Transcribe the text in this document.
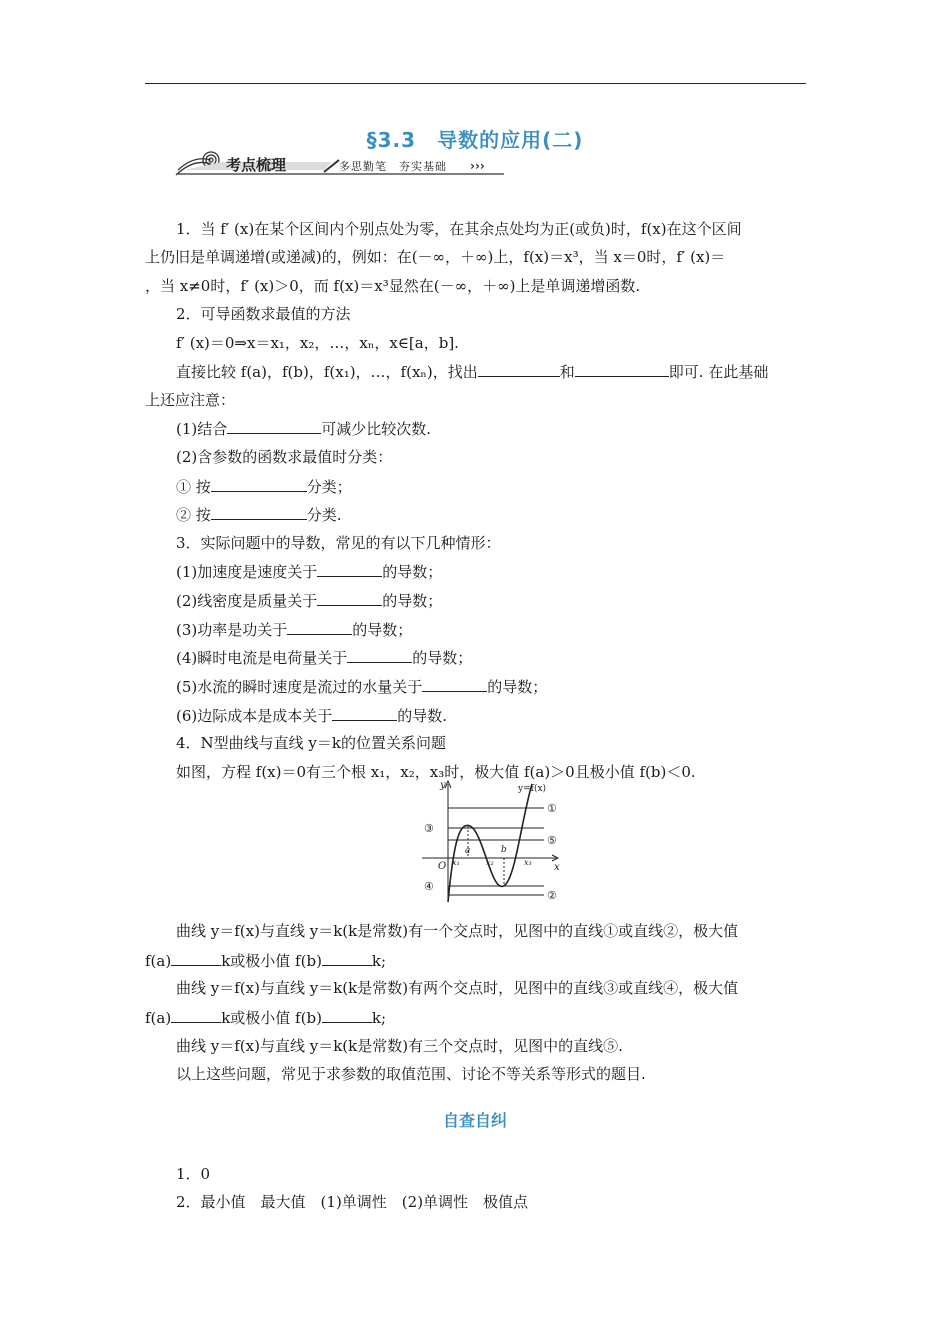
§3.3　导数的应用(二)
›››
考点梳理	多思勤笔　夯实基础
1．当 f′ (x)在某个区间内个别点处为零，在其余点处均为正(或负)时，f(x)在这个区间
上仍旧是单调递增(或递减)的，例如：在(－∞，＋∞)上，f(x)＝x³，当 x＝0时，f′ (x)＝
，当 x≠0时，f′ (x)＞0，而 f(x)＝x³显然在(－∞，＋∞)上是单调递增函数.
2．可导函数求最值的方法
f′ (x)＝0⇒x＝x₁，x₂，…，xₙ，x∈[a，b].
直接比较 f(a)，f(b)，f(x₁)，…，f(xₙ)，找出	和	即可. 在此基础
上还应注意：
(1)结合	可减少比较次数.
(2)含参数的函数求最值时分类：
① 按	分类；
② 按	分类.
3．实际问题中的导数，常见的有以下几种情形：
(1)加速度是速度关于	的导数；
(2)线密度是质量关于	的导数；
(3)功率是功关于	的导数；
(4)瞬时电流是电荷量关于	的导数；
(5)水流的瞬时速度是流过的水量关于	的导数；
(6)边际成本是成本关于	的导数.
4．N型曲线与直线 y＝k的位置关系问题
如图，方程 f(x)＝0有三个根 x₁，x₂，x₃时，极大值 f(a)＞0且极小值 f(b)＜0.
y=f(x)
y
x
O
a	b
x₁	x₂	x₃
①
②
③
④
⑤
曲线 y＝f(x)与直线 y＝k(k是常数)有一个交点时，见图中的直线①或直线②，极大值
f(a)	k或极小值 f(b)	k;
曲线 y＝f(x)与直线 y＝k(k是常数)有两个交点时，见图中的直线③或直线④，极大值
f(a)	k或极小值 f(b)	k;
曲线 y＝f(x)与直线 y＝k(k是常数)有三个交点时，见图中的直线⑤.
以上这些问题，常见于求参数的取值范围、讨论不等关系等形式的题目.
自查自纠
1．0
2．最小值　最大值　(1)单调性　(2)单调性　极值点
